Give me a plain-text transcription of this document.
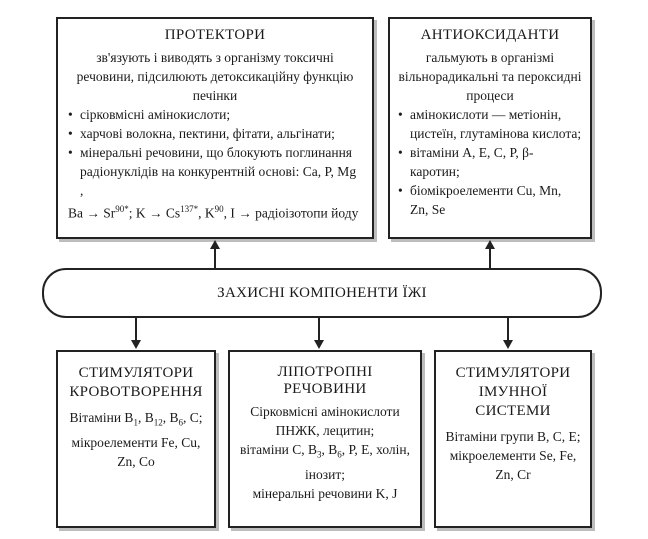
ПРОТЕКТОРИ

зв'язують і виводять з організму токсичні речовини, підсилюють детоксикаційну функцію печінки

• сірковмісні амінокислоти;
• харчові волокна, пектини, фітати, альгінати;
• мінеральні речовини, що блокують поглинання радіонуклідів на конкурентній основі: Ca, P, Mg ,

$Ba \to Sr^{90*}$; $K \to Cs^{137*}$, $K^{90}$, I → радіоізотопи йоду

АНТИОКСИДАНТИ

гальмують в організмі вільнорадикальні та пероксидні процеси

• амінокислоти — метіонін, цистеїн, глутамінова кислота;
• вітаміни А, Е, С, Р, β-каротин;
• біомікроелементи Cu, Mn, Zn, Se

ЗАХИСНІ КОМПОНЕНТИ ЇЖІ

СТИМУЛЯТОРИ КРОВОТВОРЕННЯ

Вітаміни $B_1$, $B_{12}$, $B_6$, C;

мікроелементи Fe, Cu, Zn, Co

ЛІПОТРОПНІ РЕЧОВИНИ

Сірковмісні амінокислоти

ПНЖК, лецитин;

вітаміни С, $B_3$, $B_6$, Р, Е, холін, інозит;

мінеральні речовини K, J

СТИМУЛЯТОРИ ІМУННОЇ СИСТЕМИ

Вітаміни групи В, С, Е;

мікроелементи Se, Fe, Zn, Cr
